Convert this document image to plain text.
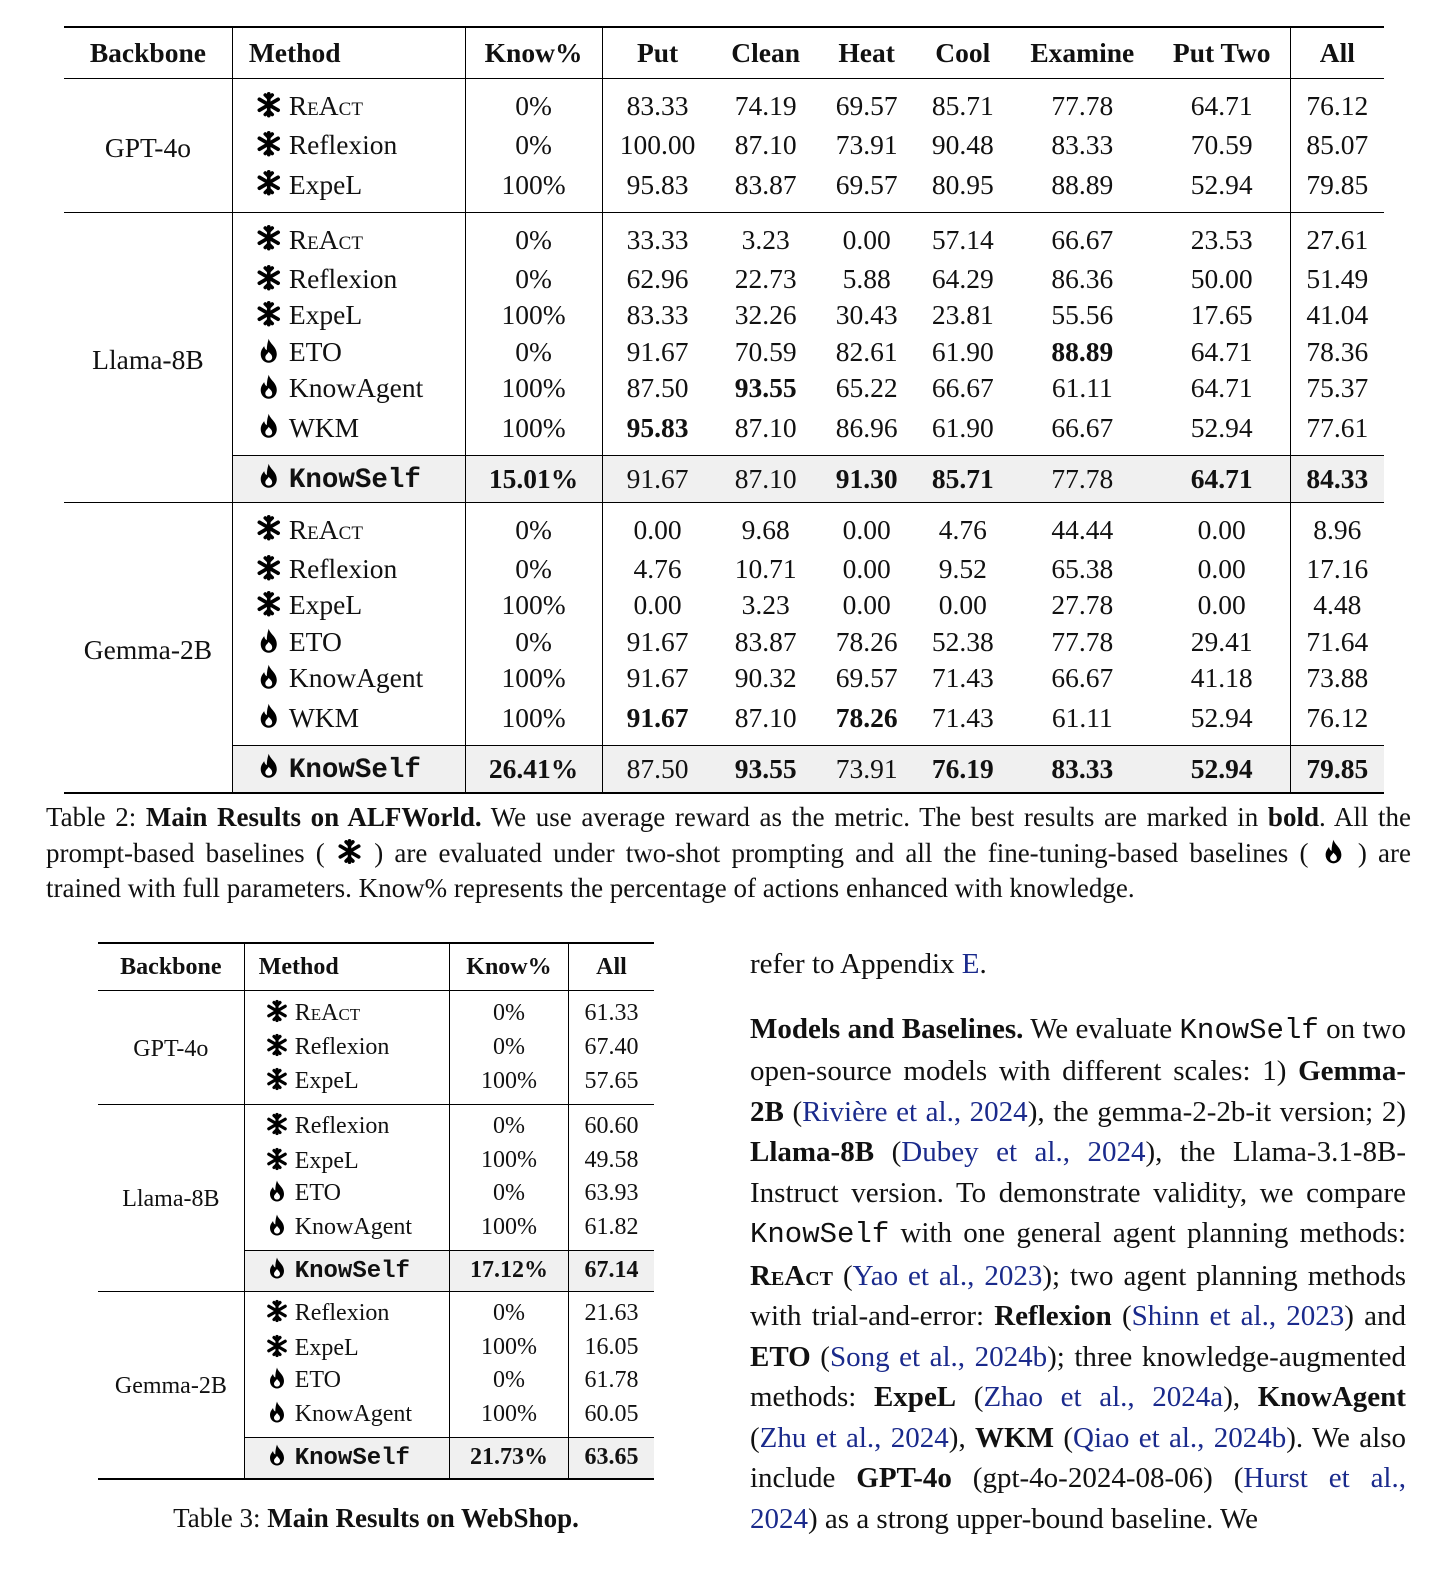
Backbone	Method	Know%	Put	Clean	Heat	Cool	Examine	Put Two	All
GPT-4o	ReAct	0%	83.33	74.19	69.57	85.71	77.78	64.71	76.12
	Reflexion	0%	100.00	87.10	73.91	90.48	83.33	70.59	85.07
	ExpeL	100%	95.83	83.87	69.57	80.95	88.89	52.94	79.85
Llama-8B	ReAct	0%	33.33	3.23	0.00	57.14	66.67	23.53	27.61
	Reflexion	0%	62.96	22.73	5.88	64.29	86.36	50.00	51.49
	ExpeL	100%	83.33	32.26	30.43	23.81	55.56	17.65	41.04
	ETO	0%	91.67	70.59	82.61	61.90	88.89	64.71	78.36
	KnowAgent	100%	87.50	93.55	65.22	66.67	61.11	64.71	75.37
	WKM	100%	95.83	87.10	86.96	61.90	66.67	52.94	77.61
	KnowSelf	15.01%	91.67	87.10	91.30	85.71	77.78	64.71	84.33
Gemma-2B	ReAct	0%	0.00	9.68	0.00	4.76	44.44	0.00	8.96
	Reflexion	0%	4.76	10.71	0.00	9.52	65.38	0.00	17.16
	ExpeL	100%	0.00	3.23	0.00	0.00	27.78	0.00	4.48
	ETO	0%	91.67	83.87	78.26	52.38	77.78	29.41	71.64
	KnowAgent	100%	91.67	90.32	69.57	71.43	66.67	41.18	73.88
	WKM	100%	91.67	87.10	78.26	71.43	61.11	52.94	76.12
	KnowSelf	26.41%	87.50	93.55	73.91	76.19	83.33	52.94	79.85
Table 2: Main Results on ALFWorld. We use average reward as the metric. The best results are marked in bold. All the prompt-based baselines (  ) are evaluated under two-shot prompting and all the fine-tuning-based baselines (  ) are trained with full parameters. Know% represents the percentage of actions enhanced with knowledge.
Backbone	Method	Know%	All
GPT-4o	ReAct	0%	61.33
	Reflexion	0%	67.40
	ExpeL	100%	57.65
Llama-8B	Reflexion	0%	60.60
	ExpeL	100%	49.58
	ETO	0%	63.93
	KnowAgent	100%	61.82
	KnowSelf	17.12%	67.14
Gemma-2B	Reflexion	0%	21.63
	ExpeL	100%	16.05
	ETO	0%	61.78
	KnowAgent	100%	60.05
	KnowSelf	21.73%	63.65
Table 3: Main Results on WebShop.

refer to Appendix E.

Models and Baselines. We evaluate KnowSelf on two open-source models with different scales: 1) Gemma-2B (Rivière et al., 2024), the gemma-2-2b-it version; 2) Llama-8B (Dubey et al., 2024), the Llama-3.1-8B-Instruct version. To demonstrate validity, we compare KnowSelf with one general agent planning methods: ReAct (Yao et al., 2023); two agent planning methods with trial-and-error: Reflexion (Shinn et al., 2023) and ETO (Song et al., 2024b); three knowledge-augmented methods: ExpeL (Zhao et al., 2024a), KnowAgent (Zhu et al., 2024), WKM (Qiao et al., 2024b). We also include GPT-4o (gpt-4o-2024-08-06) (Hurst et al., 2024) as a strong upper-bound baseline. We
